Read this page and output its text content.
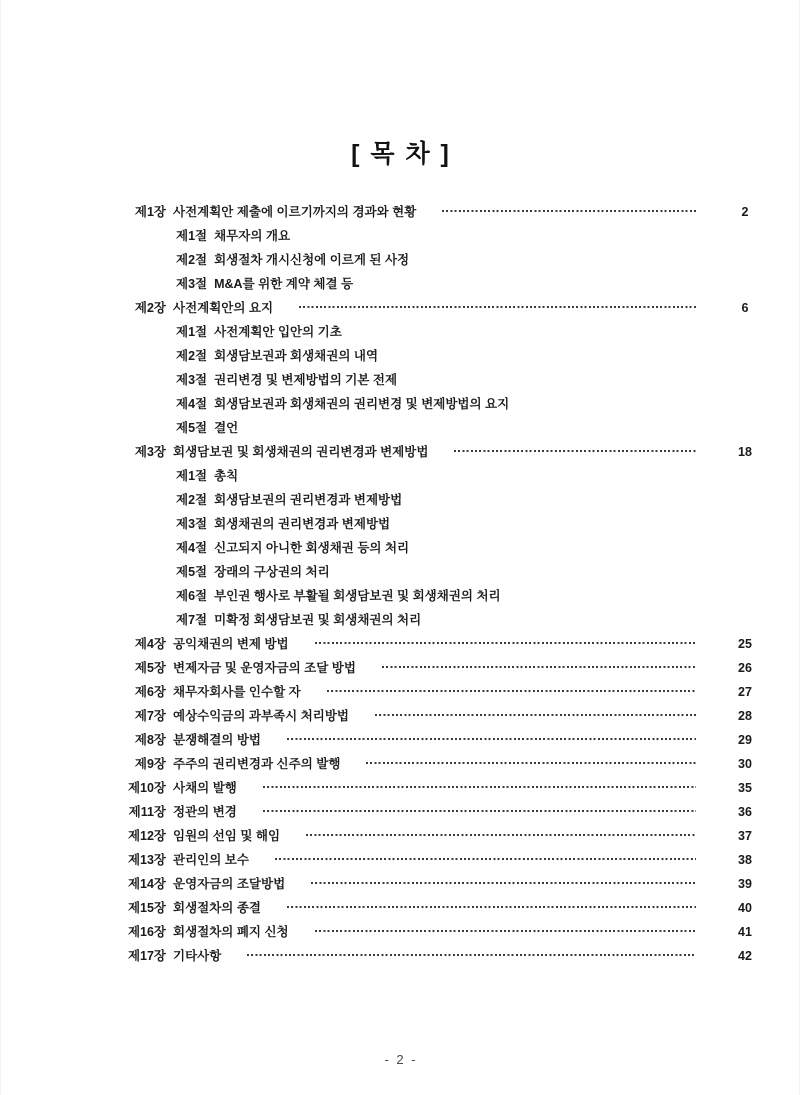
[ 목 차 ]
제1장 사전계획안 제출에 이르기까지의 경과와 현황	2
제1절 채무자의 개요
제2절 회생절차 개시신청에 이르게 된 사정
제3절 M&A를 위한 계약 체결 등
제2장 사전계획안의 요지	6
제1절 사전계획안 입안의 기초
제2절 회생담보권과 회생채권의 내역
제3절 권리변경 및 변제방법의 기본 전제
제4절 회생담보권과 회생채권의 권리변경 및 변제방법의 요지
제5절 결언
제3장 회생담보권 및 회생채권의 권리변경과 변제방법	18
제1절 총칙
제2절 회생담보권의 권리변경과 변제방법
제3절 회생채권의 권리변경과 변제방법
제4절 신고되지 아니한 회생채권 등의 처리
제5절 장래의 구상권의 처리
제6절 부인권 행사로 부활될 회생담보권 및 회생채권의 처리
제7절 미확정 회생담보권 및 회생채권의 처리
제4장 공익채권의 변제 방법	25
제5장 변제자금 및 운영자금의 조달 방법	26
제6장 채무자회사를 인수할 자	27
제7장 예상수익금의 과부족시 처리방법	28
제8장 분쟁해결의 방법	29
제9장 주주의 권리변경과 신주의 발행	30
제10장 사채의 발행	35
제11장 정관의 변경	36
제12장 임원의 선임 및 해임	37
제13장 관리인의 보수	38
제14장 운영자금의 조달방법	39
제15장 회생절차의 종결	40
제16장 회생절차의 폐지 신청	41
제17장 기타사항	42
- 2 -
